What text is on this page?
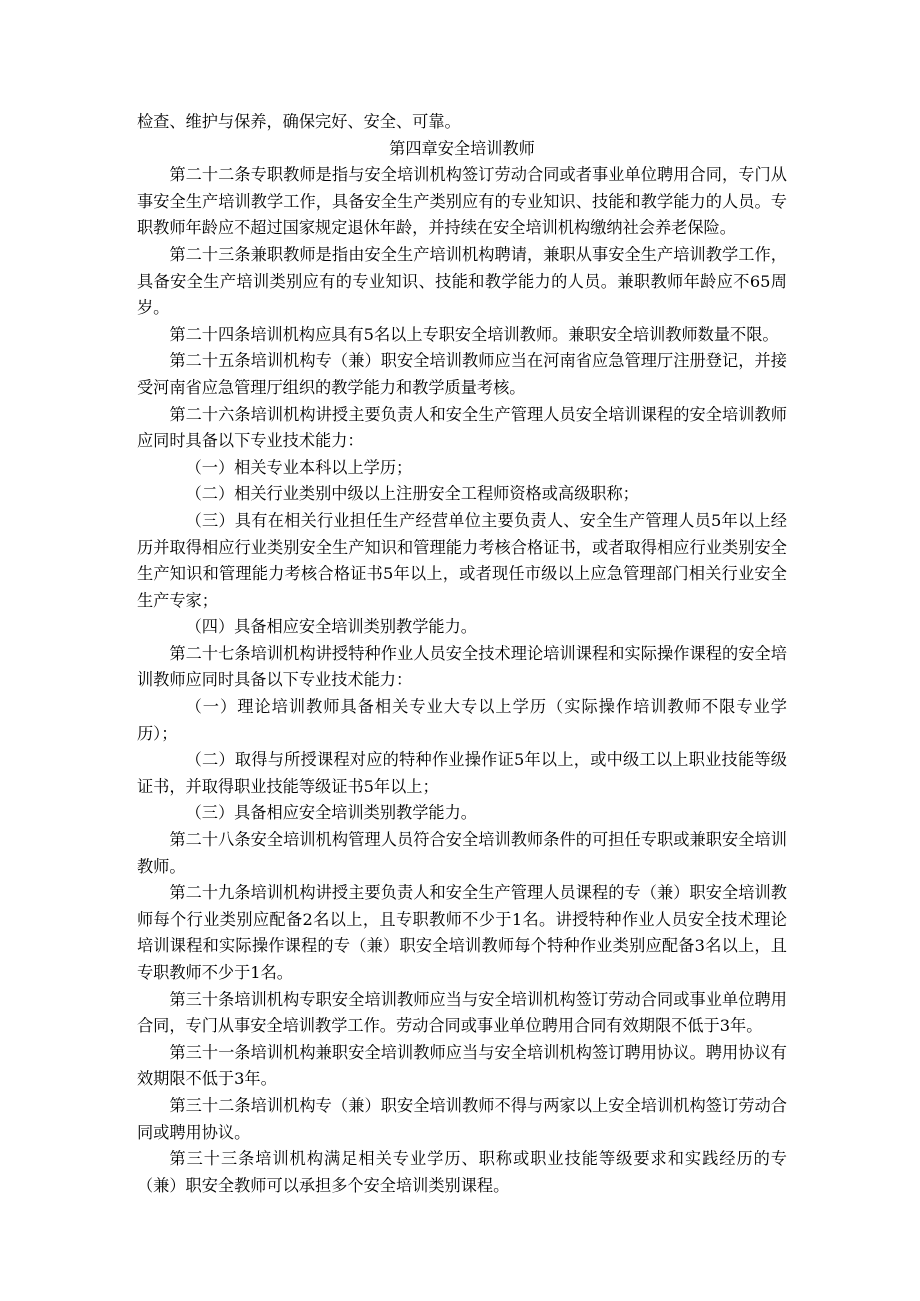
检查、维护与保养，确保完好、安全、可靠。

第四章安全培训教师

第二十二条专职教师是指与安全培训机构签订劳动合同或者事业单位聘用合同，专门从事安全生产培训教学工作，具备安全生产类别应有的专业知识、技能和教学能力的人员。专职教师年龄应不超过国家规定退休年龄，并持续在安全培训机构缴纳社会养老保险。

第二十三条兼职教师是指由安全生产培训机构聘请，兼职从事安全生产培训教学工作，具备安全生产培训类别应有的专业知识、技能和教学能力的人员。兼职教师年龄应不65周岁。

第二十四条培训机构应具有5名以上专职安全培训教师。兼职安全培训教师数量不限。

第二十五条培训机构专（兼）职安全培训教师应当在河南省应急管理厅注册登记，并接受河南省应急管理厅组织的教学能力和教学质量考核。

第二十六条培训机构讲授主要负责人和安全生产管理人员安全培训课程的安全培训教师应同时具备以下专业技术能力：

（一）相关专业本科以上学历；

（二）相关行业类别中级以上注册安全工程师资格或高级职称；

（三）具有在相关行业担任生产经营单位主要负责人、安全生产管理人员5年以上经历并取得相应行业类别安全生产知识和管理能力考核合格证书，或者取得相应行业类别安全生产知识和管理能力考核合格证书5年以上，或者现任市级以上应急管理部门相关行业安全生产专家；

（四）具备相应安全培训类别教学能力。

第二十七条培训机构讲授特种作业人员安全技术理论培训课程和实际操作课程的安全培训教师应同时具备以下专业技术能力：

（一）理论培训教师具备相关专业大专以上学历（实际操作培训教师不限专业学历）；

（二）取得与所授课程对应的特种作业操作证5年以上，或中级工以上职业技能等级证书，并取得职业技能等级证书5年以上；

（三）具备相应安全培训类别教学能力。

第二十八条安全培训机构管理人员符合安全培训教师条件的可担任专职或兼职安全培训教师。

第二十九条培训机构讲授主要负责人和安全生产管理人员课程的专（兼）职安全培训教师每个行业类别应配备2名以上，且专职教师不少于1名。讲授特种作业人员安全技术理论培训课程和实际操作课程的专（兼）职安全培训教师每个特种作业类别应配备3名以上，且专职教师不少于1名。

第三十条培训机构专职安全培训教师应当与安全培训机构签订劳动合同或事业单位聘用合同，专门从事安全培训教学工作。劳动合同或事业单位聘用合同有效期限不低于3年。

第三十一条培训机构兼职安全培训教师应当与安全培训机构签订聘用协议。聘用协议有效期限不低于3年。

第三十二条培训机构专（兼）职安全培训教师不得与两家以上安全培训机构签订劳动合同或聘用协议。

第三十三条培训机构满足相关专业学历、职称或职业技能等级要求和实践经历的专（兼）职安全教师可以承担多个安全培训类别课程。
